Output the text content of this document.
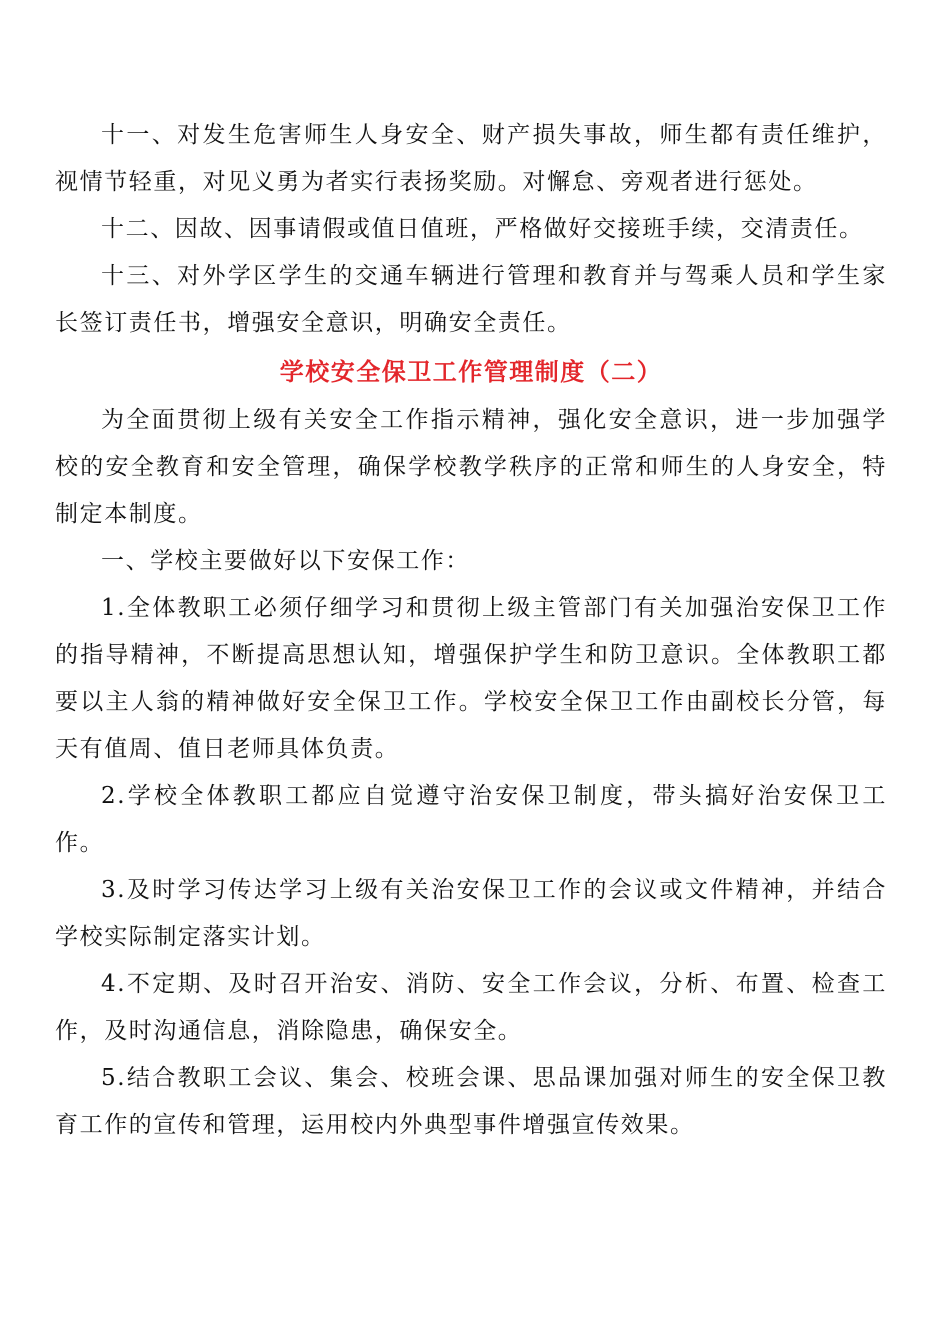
十一、对发生危害师生人身安全、财产损失事故，师生都有责任维护，视情节轻重，对见义勇为者实行表扬奖励。对懈怠、旁观者进行惩处。

十二、因故、因事请假或值日值班，严格做好交接班手续，交清责任。

十三、对外学区学生的交通车辆进行管理和教育并与驾乘人员和学生家长签订责任书，增强安全意识，明确安全责任。

学校安全保卫工作管理制度（二）

为全面贯彻上级有关安全工作指示精神，强化安全意识，进一步加强学校的安全教育和安全管理，确保学校教学秩序的正常和师生的人身安全，特制定本制度。

一、学校主要做好以下安保工作：

1.全体教职工必须仔细学习和贯彻上级主管部门有关加强治安保卫工作的指导精神，不断提高思想认知，增强保护学生和防卫意识。全体教职工都要以主人翁的精神做好安全保卫工作。学校安全保卫工作由副校长分管，每天有值周、值日老师具体负责。

2.学校全体教职工都应自觉遵守治安保卫制度，带头搞好治安保卫工作。

3.及时学习传达学习上级有关治安保卫工作的会议或文件精神，并结合学校实际制定落实计划。

4.不定期、及时召开治安、消防、安全工作会议，分析、布置、检查工作，及时沟通信息，消除隐患，确保安全。

5.结合教职工会议、集会、校班会课、思品课加强对师生的安全保卫教育工作的宣传和管理，运用校内外典型事件增强宣传效果。
